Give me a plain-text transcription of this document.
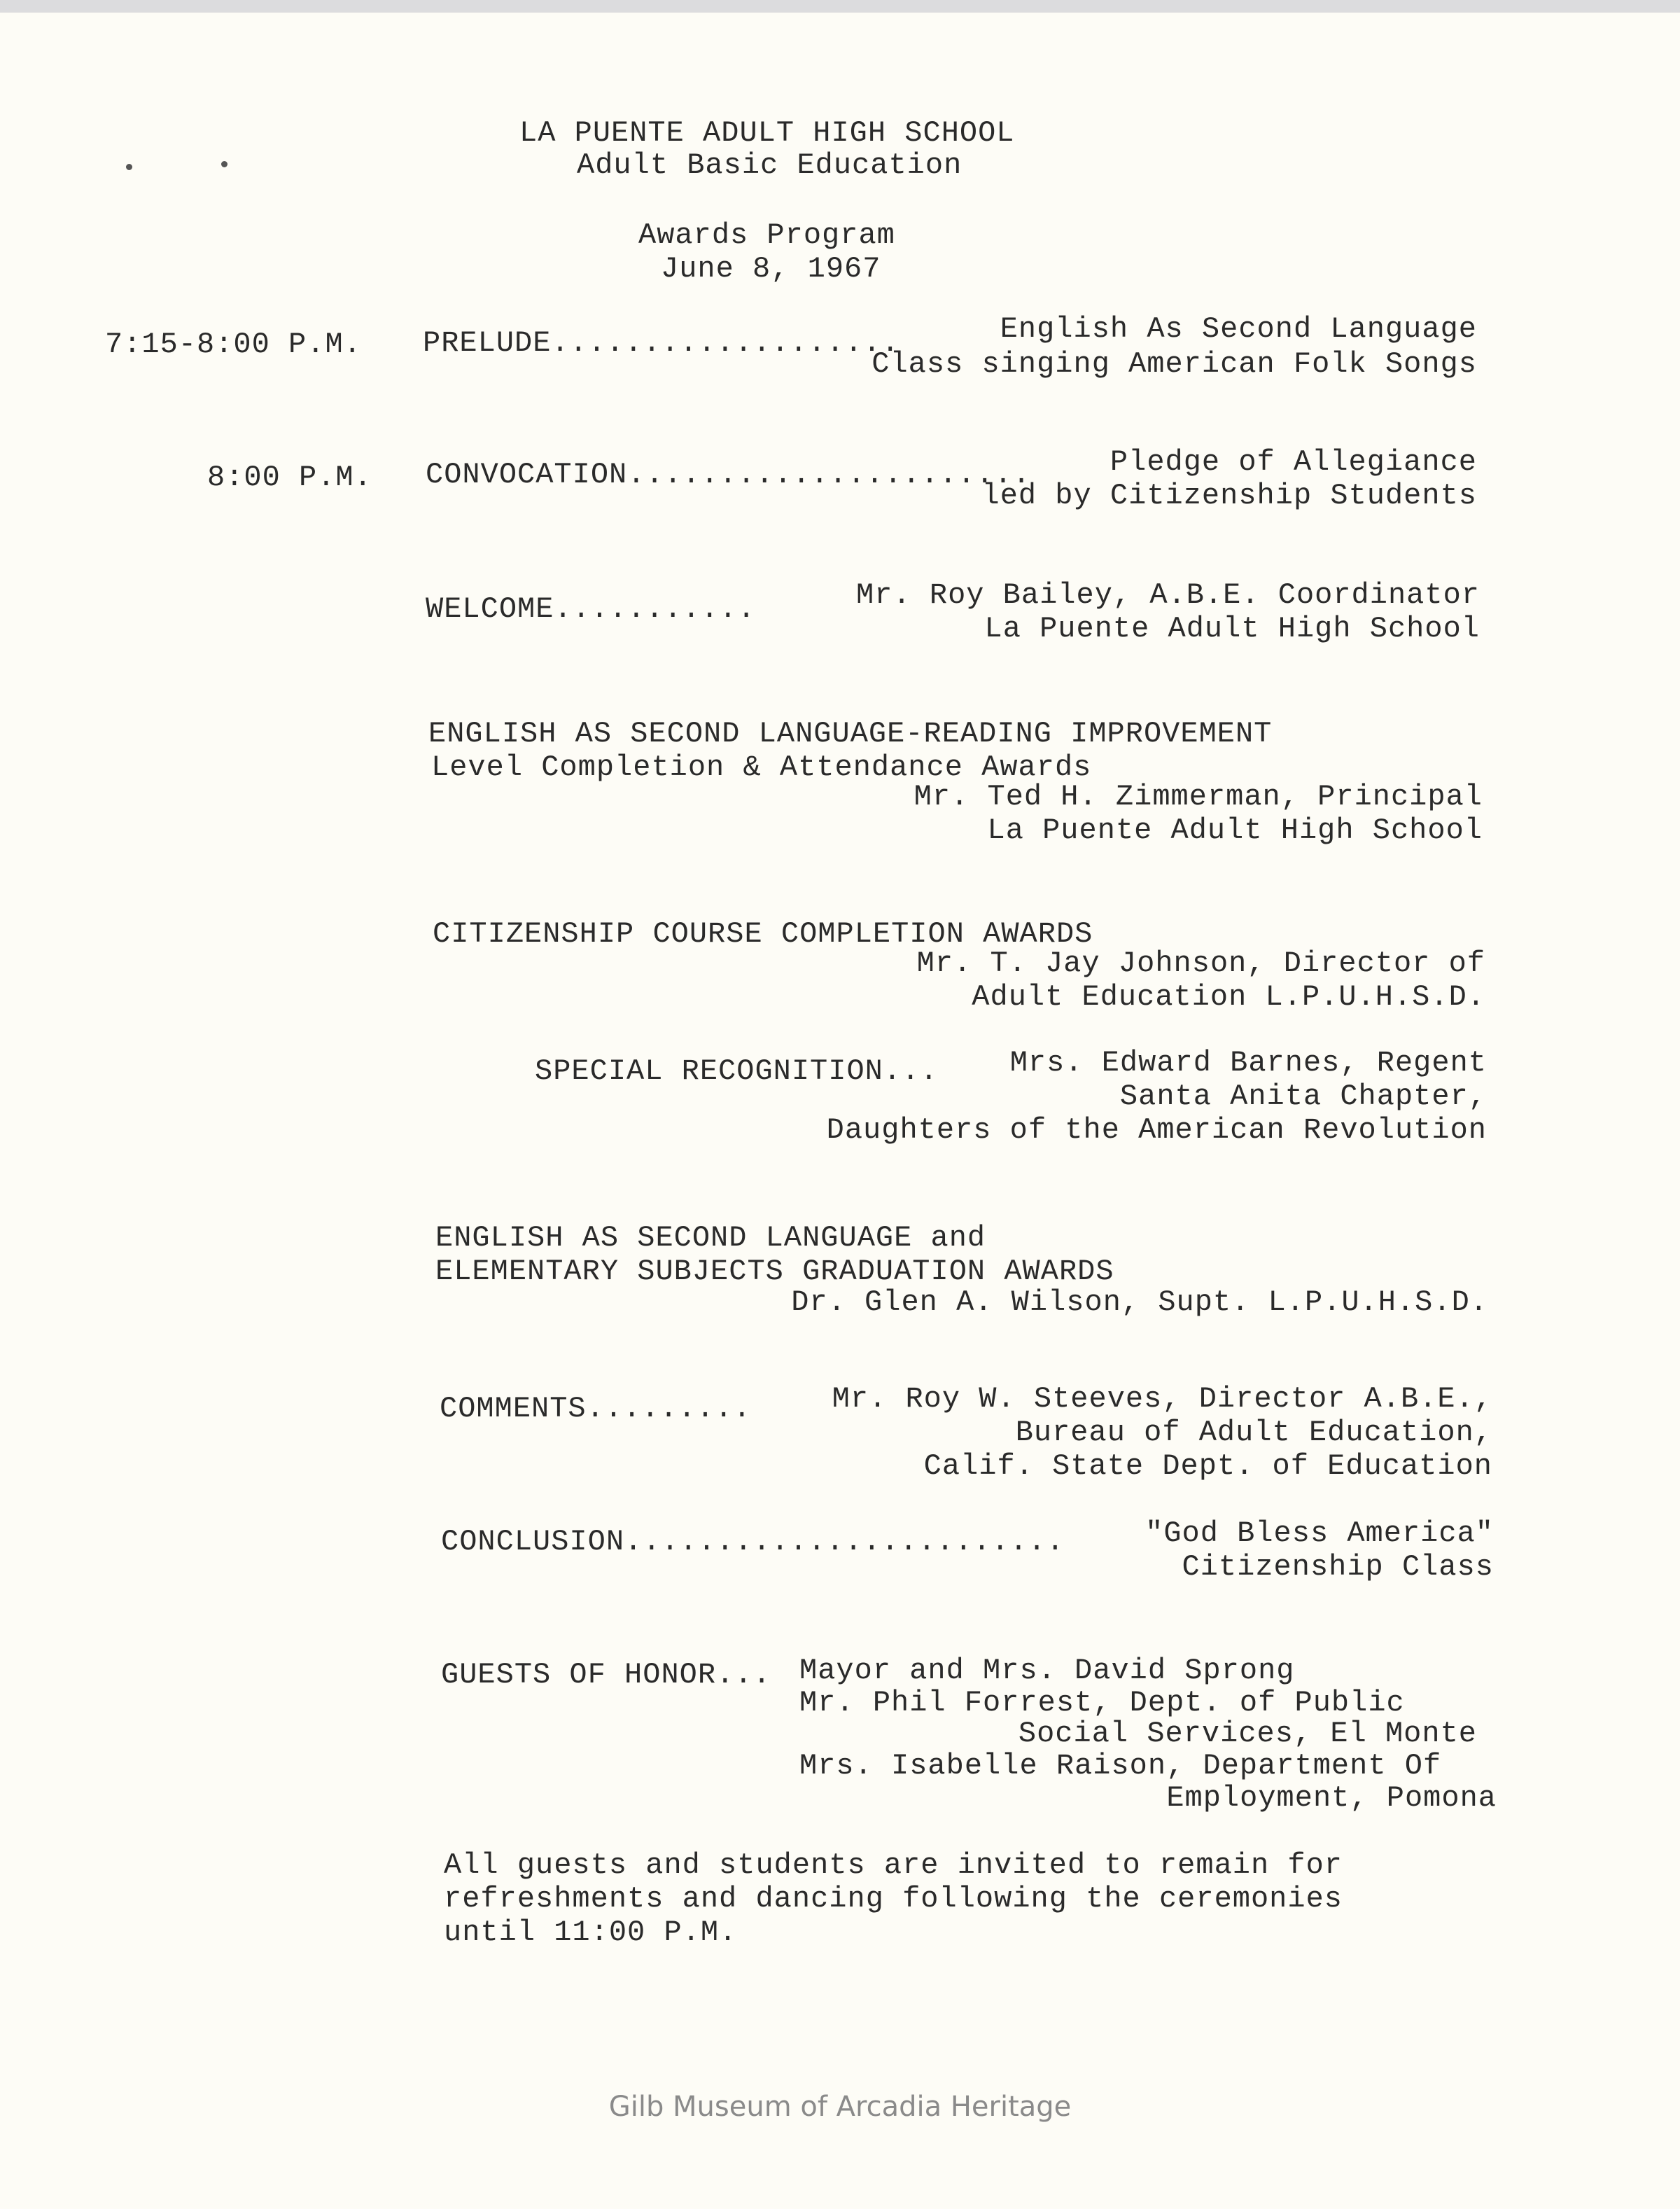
LA PUENTE ADULT HIGH SCHOOL
Adult Basic Education
Awards Program
June 8, 1967
7:15-8:00 P.M. PRELUDE...................	English As Second Language
Class singing American Folk Songs
8:00 P.M. CONVOCATION......................	Pledge of Allegiance
led by Citizenship Students
WELCOME...........	Mr. Roy Bailey, A.B.E. Coordinator
La Puente Adult High School
ENGLISH AS SECOND LANGUAGE-READING IMPROVEMENT
Level Completion & Attendance Awards
Mr. Ted H. Zimmerman, Principal
La Puente Adult High School
CITIZENSHIP COURSE COMPLETION AWARDS
Mr. T. Jay Johnson, Director of
Adult Education L.P.U.H.S.D.
SPECIAL RECOGNITION... Mrs. Edward Barnes, Regent
Santa Anita Chapter,
Daughters of the American Revolution
ENGLISH AS SECOND LANGUAGE and
ELEMENTARY SUBJECTS GRADUATION AWARDS
Dr. Glen A. Wilson, Supt. L.P.U.H.S.D.
COMMENTS.........	Mr. Roy W. Steeves, Director A.B.E.,
Bureau of Adult Education,
Calif. State Dept. of Education
CONCLUSION........................	"God Bless America"
Citizenship Class
GUESTS OF HONOR... Mayor and Mrs. David Sprong
Mr. Phil Forrest, Dept. of Public
Social Services, El Monte
Mrs. Isabelle Raison, Department Of
Employment, Pomona
All guests and students are invited to remain for
refreshments and dancing following the ceremonies
until 11:00 P.M.
Gilb Museum of Arcadia Heritage
